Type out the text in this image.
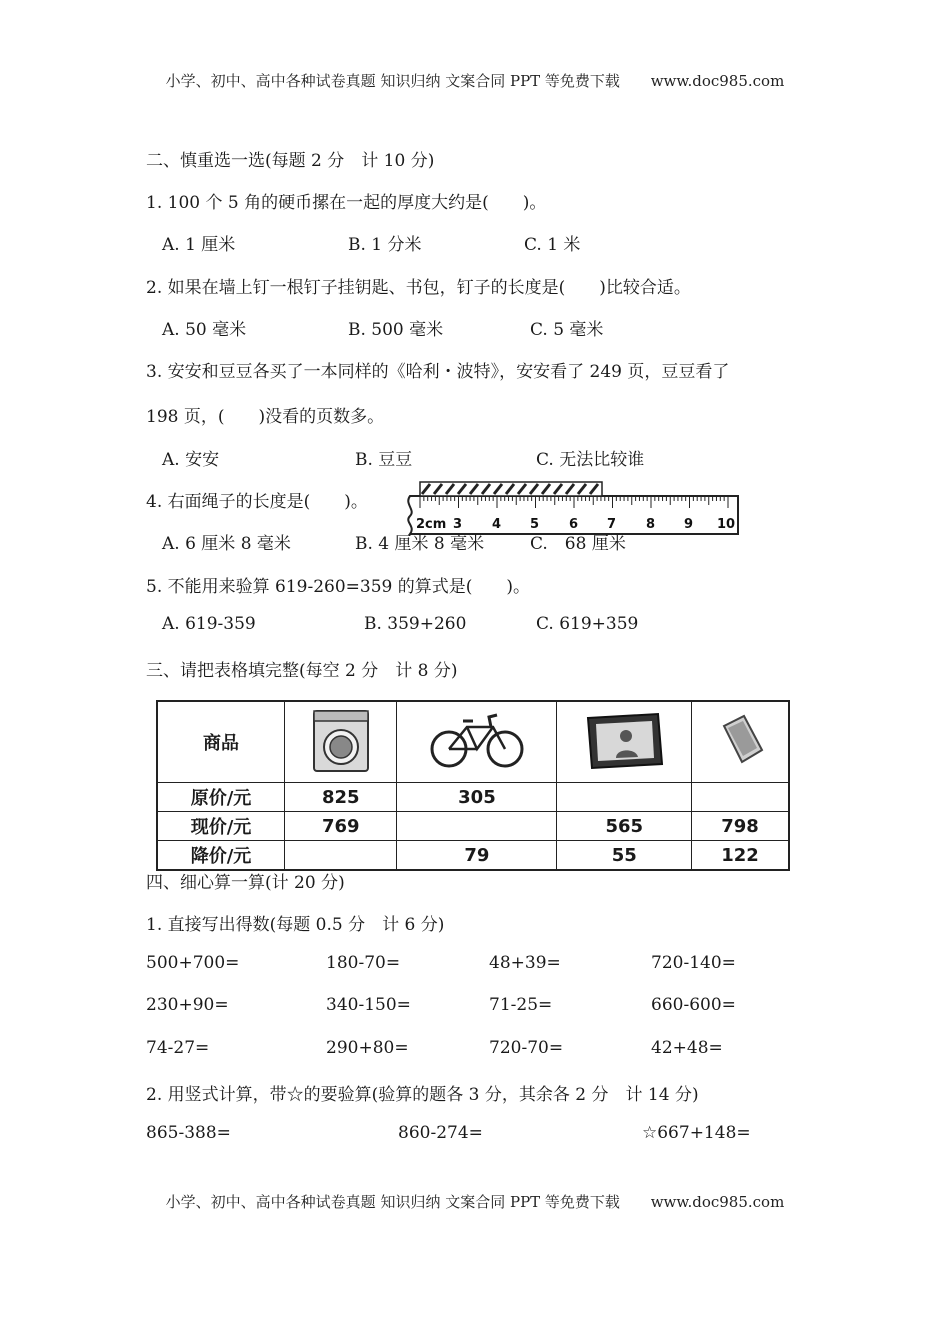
小学、初中、高中各种试卷真题 知识归纳 文案合同 PPT 等免费下载 www.doc985.com
二、慎重选一选(每题 2 分　计 10 分)
1. 100 个 5 角的硬币摞在一起的厚度大约是(　　)。
A. 1 厘米	B. 1 分米	C. 1 米
2. 如果在墙上钉一根钉子挂钥匙、书包，钉子的长度是(　　)比较合适。
A. 50 毫米	B. 500 毫米	C. 5 毫米
3. 安安和豆豆各买了一本同样的《哈利・波特》，安安看了 249 页，豆豆看了
198 页，(　　)没看的页数多。
A. 安安	B. 豆豆	C. 无法比较谁
4. 右面绳子的长度是(　　)。
2cm 3 4 5 6 7 8 9 10
A. 6 厘米 8 毫米	B. 4 厘米 8 毫米	C.　68 厘米
5. 不能用来验算 619-260=359 的算式是(　　)。
A. 619-359	B. 359+260	C. 619+359
三、请把表格填完整(每空 2 分　计 8 分)
商品				
原价/元	825	305		
现价/元	769		565	798
降价/元		79	55	122
四、细心算一算(计 20 分)
1. 直接写出得数(每题 0.5 分　计 6 分)
500+700=	180-70=	48+39=	720-140=
230+90=	340-150=	71-25=	660-600=
74-27=	290+80=	720-70=	42+48=
2. 用竖式计算，带☆的要验算(验算的题各 3 分，其余各 2 分　计 14 分)
865-388=	860-274=	☆667+148=
小学、初中、高中各种试卷真题 知识归纳 文案合同 PPT 等免费下载 www.doc985.com
